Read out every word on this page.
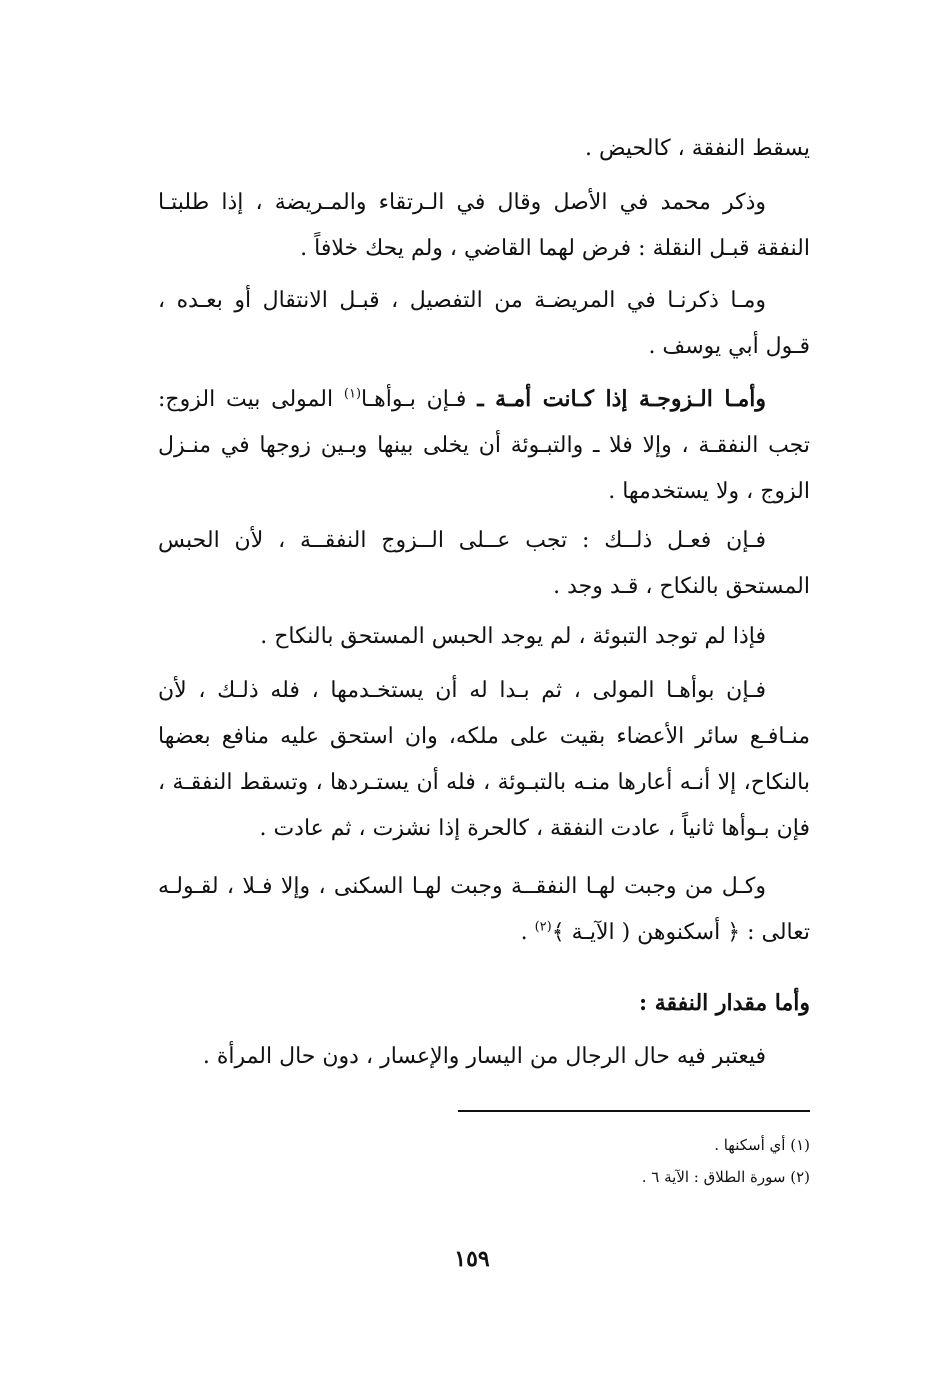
يسقط النفقة ، كالحيض .

وذكر محمد في الأصل وقال في الـرتقاء والمـريضة ، إذا طلبتـا النفقة قبـل النقلة : فرض لهما القاضي ، ولم يحك خلافاً .

ومـا ذكرنـا في المريضـة من التفصيل ، قبـل الانتقال أو بعـده ، قـول أبي يوسف .

وأمـا الـزوجـة إذا كـانت أمـة ـ فـإن بـوأهـا$^{(١)}$ المولى بيت الزوج: تجب النفقـة ، وإلا فلا ـ والتبـوئة أن يخلى بينها وبـين زوجها في منـزل الزوج ، ولا يستخدمها .

فـإن فعـل ذلــك : تجب عــلى الــزوج النفقــة ، لأن الحبس المستحق بالنكاح ، قـد وجد .

فإذا لم توجد التبوئة ، لم يوجد الحبس المستحق بالنكاح .

فـإن بوأهـا المولى ، ثم بـدا له أن يستخـدمها ، فله ذلـك ، لأن منـافـع سائر الأعضاء بقيت على ملكه، وان استحق عليه منافع بعضها بالنكاح، إلا أنـه أعارها منـه بالتبـوئة ، فله أن يستـردها ، وتسقط النفقـة ، فإن بـوأها ثانياً ، عادت النفقة ، كالحرة إذا نشزت ، ثم عادت .

وكـل من وجبت لهـا النفقــة وجبت لهـا السكنى ، وإلا فـلا ، لقـولـه تعالى : ﴿ أسكنوهن ( الآيـة ﴾$^{(٢)}$ .

وأما مقدار النفقة :

فيعتبر فيه حال الرجال من اليسار والإعسار ، دون حال المرأة .

(١) أي أسكنها .

(٢) سورة الطلاق : الآية ٦ .

١٥٩
